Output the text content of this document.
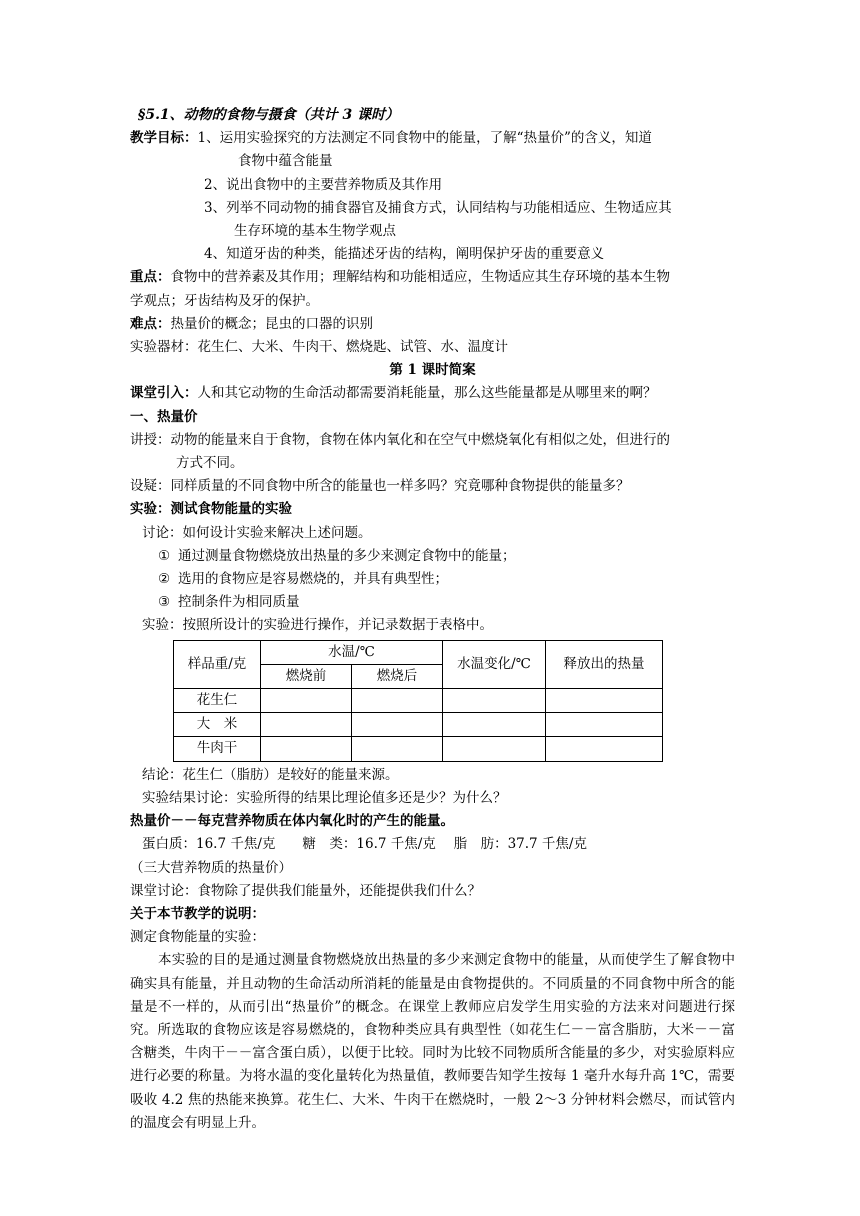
§5.1、动物的食物与摄食（共计 3 课时）
教学目标：1、运用实验探究的方法测定不同食物中的能量，了解“热量价”的含义，知道
食物中蕴含能量
2、说出食物中的主要营养物质及其作用
3、列举不同动物的捕食器官及捕食方式，认同结构与功能相适应、生物适应其
生存环境的基本生物学观点
4、知道牙齿的种类，能描述牙齿的结构，阐明保护牙齿的重要意义
重点：食物中的营养素及其作用；理解结构和功能相适应，生物适应其生存环境的基本生物
学观点；牙齿结构及牙的保护。
难点：热量价的概念；昆虫的口器的识别
实验器材：花生仁、大米、牛肉干、燃烧匙、试管、水、温度计
第 1 课时简案
课堂引入：人和其它动物的生命活动都需要消耗能量，那么这些能量都是从哪里来的啊？
一、热量价
讲授：动物的能量来自于食物，食物在体内氧化和在空气中燃烧氧化有相似之处，但进行的
方式不同。
设疑：同样质量的不同食物中所含的能量也一样多吗？究竟哪种食物提供的能量多？
实验：测试食物能量的实验
讨论：如何设计实验来解决上述问题。
① 通过测量食物燃烧放出热量的多少来测定食物中的能量；
② 选用的食物应是容易燃烧的，并具有典型性；
③ 控制条件为相同质量
实验：按照所设计的实验进行操作，并记录数据于表格中。
样品重/克	水温/℃		水温变化/℃	释放出的热量
	燃烧前	燃烧后		
花生仁				
大　米				
牛肉干				
结论：花生仁（脂肪）是较好的能量来源。
实验结果讨论：实验所得的结果比理论值多还是少？为什么？
热量价－－每克营养物质在体内氧化时的产生的能量。
蛋白质：16.7 千焦/克　　糖　类：16.7 千焦/克　 脂　肪：37.7 千焦/克
（三大营养物质的热量价）
课堂讨论：食物除了提供我们能量外，还能提供我们什么？
关于本节教学的说明：
测定食物能量的实验：
本实验的目的是通过测量食物燃烧放出热量的多少来测定食物中的能量，从而使学生了解食物中确实具有能量，并且动物的生命活动所消耗的能量是由食物提供的。不同质量的不同食物中所含的能量是不一样的，从而引出“热量价”的概念。在课堂上教师应启发学生用实验的方法来对问题进行探究。所选取的食物应该是容易燃烧的，食物种类应具有典型性（如花生仁－－富含脂肪，大米－－富含糖类，牛肉干－－富含蛋白质），以便于比较。同时为比较不同物质所含能量的多少，对实验原料应进行必要的称量。为将水温的变化量转化为热量值，教师要告知学生按每 1 毫升水每升高 1℃，需要吸收 4.2 焦的热能来换算。花生仁、大米、牛肉干在燃烧时，一般 2～3 分钟材料会燃尽，而试管内的温度会有明显上升。
